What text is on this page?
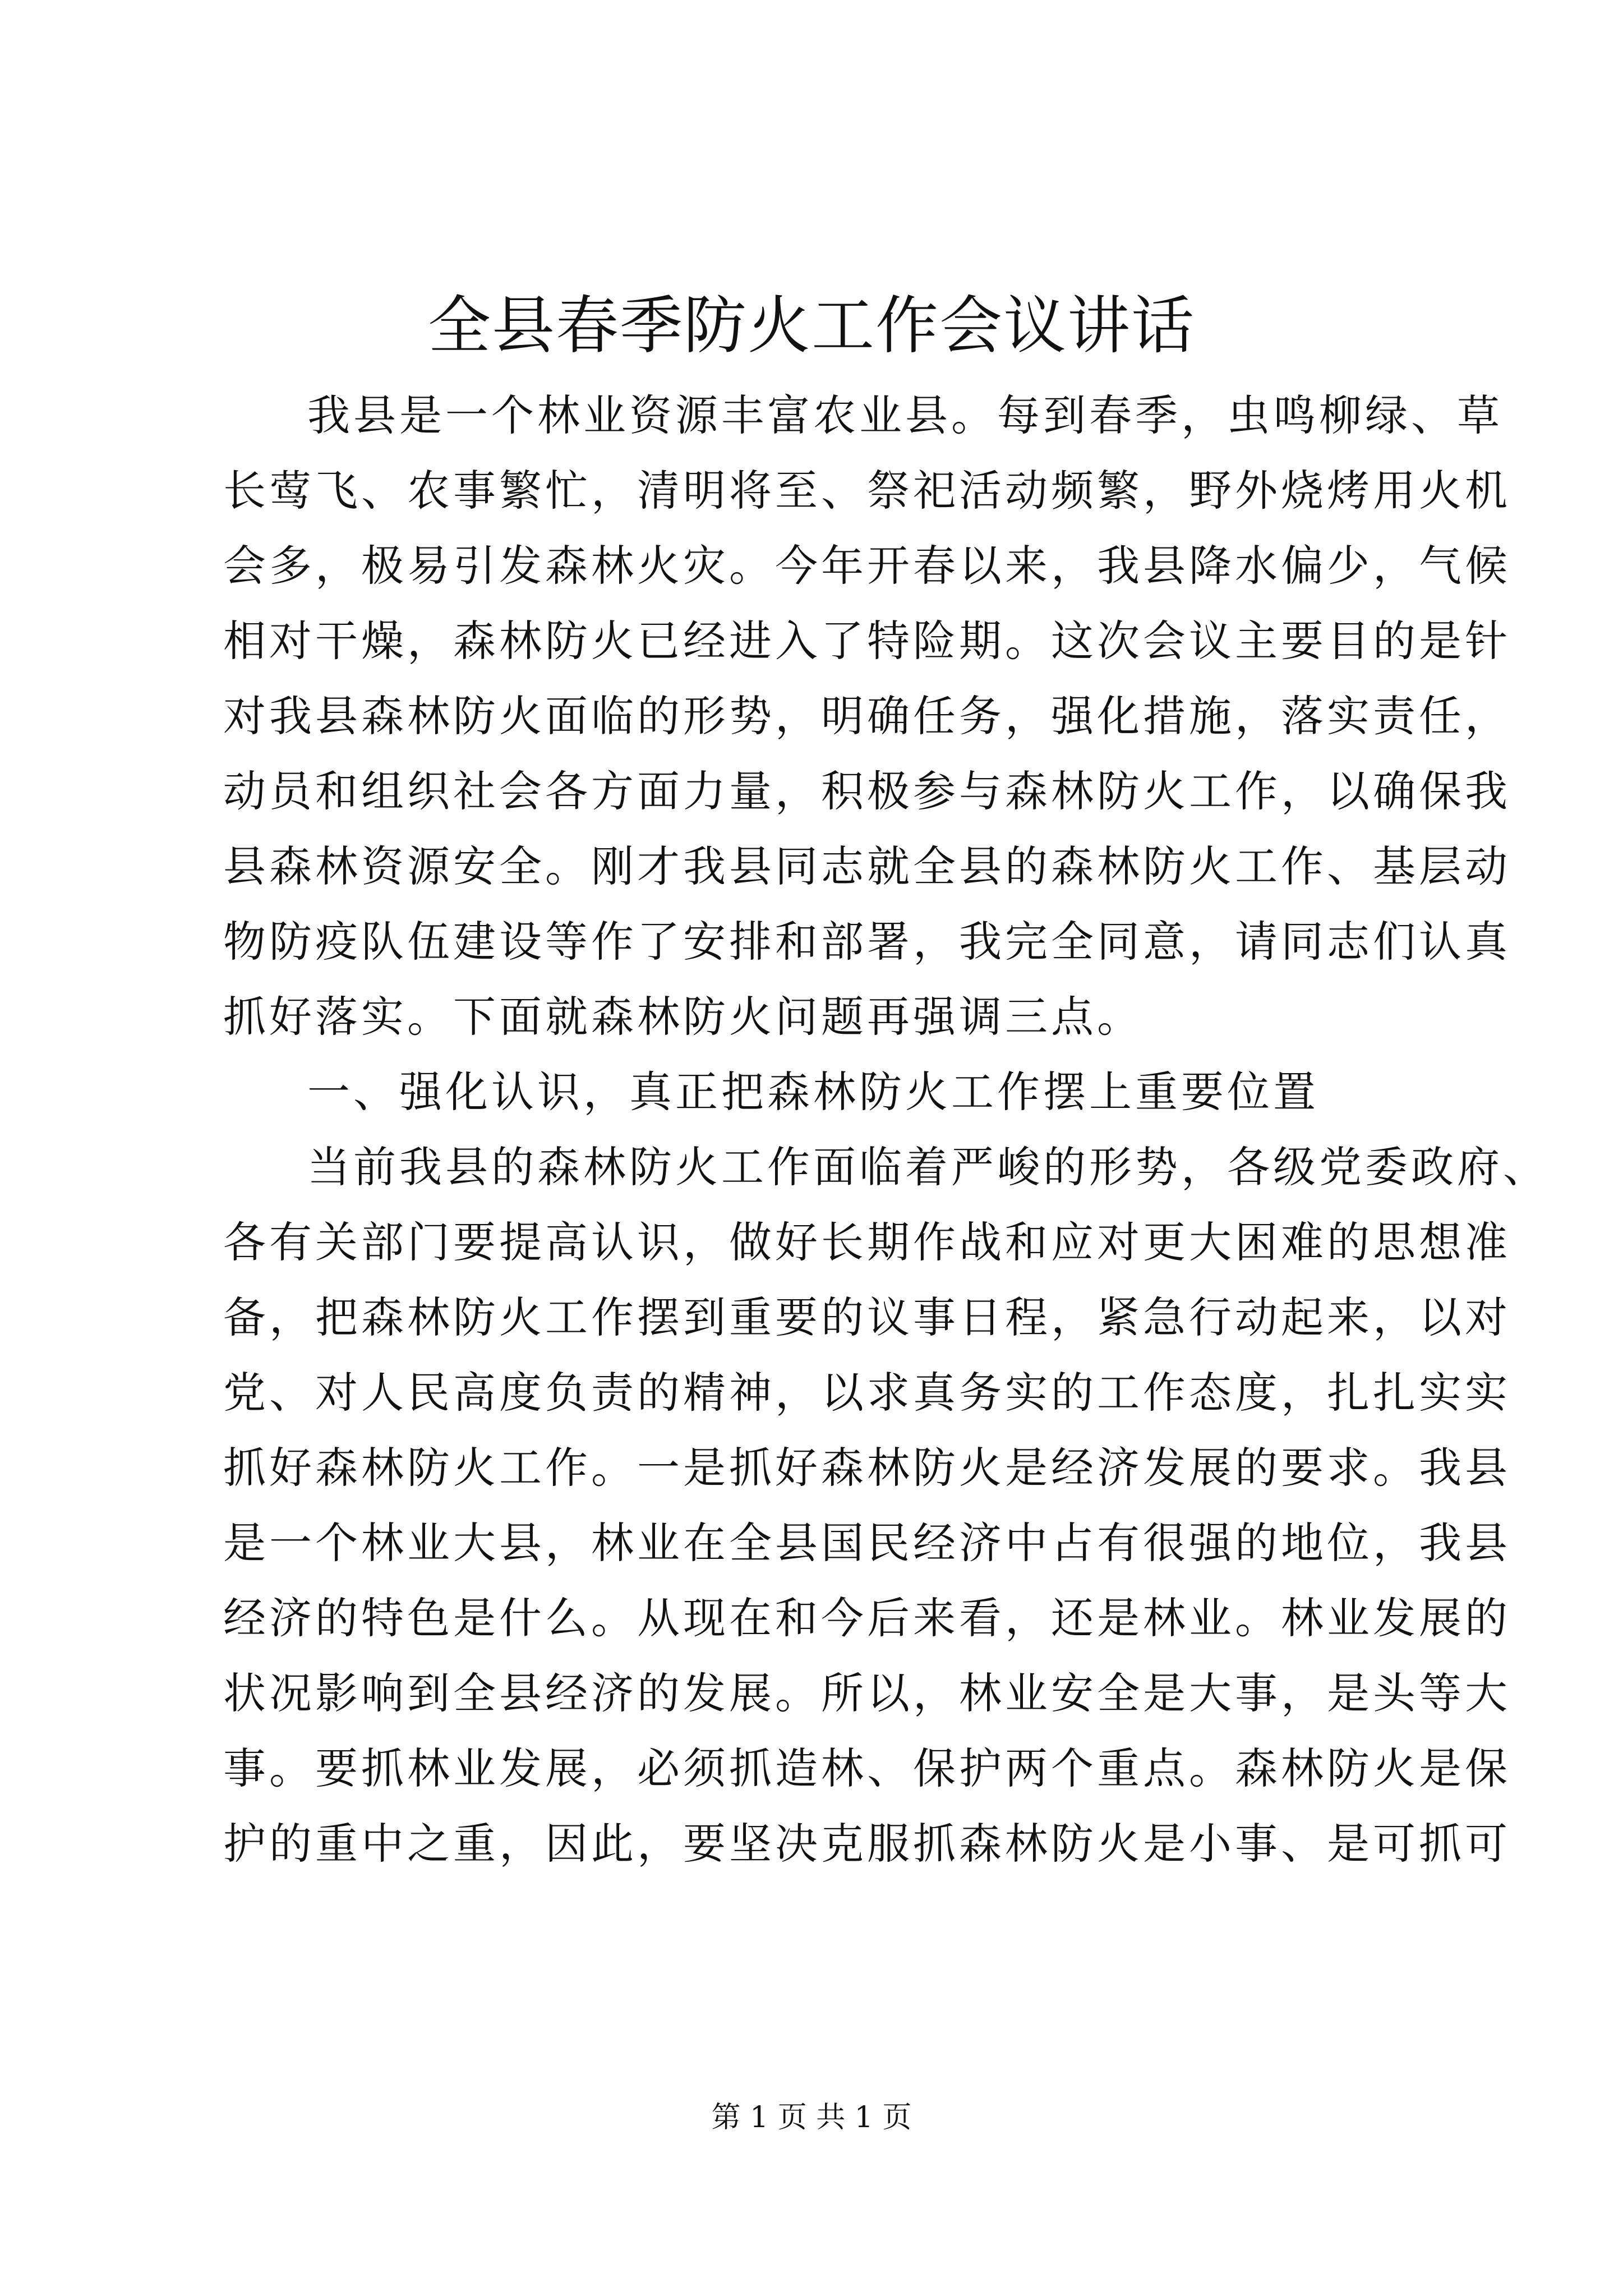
全县春季防火工作会议讲话
我县是一个林业资源丰富农业县。每到春季，虫鸣柳绿、草
长莺飞、农事繁忙，清明将至、祭祀活动频繁，野外烧烤用火机
会多，极易引发森林火灾。今年开春以来，我县降水偏少，气候
相对干燥，森林防火已经进入了特险期。这次会议主要目的是针
对我县森林防火面临的形势，明确任务，强化措施，落实责任，
动员和组织社会各方面力量，积极参与森林防火工作，以确保我
县森林资源安全。刚才我县同志就全县的森林防火工作、基层动
物防疫队伍建设等作了安排和部署，我完全同意，请同志们认真
抓好落实。下面就森林防火问题再强调三点。
一、强化认识，真正把森林防火工作摆上重要位置
当前我县的森林防火工作面临着严峻的形势，各级党委政府、
各有关部门要提高认识，做好长期作战和应对更大困难的思想准
备，把森林防火工作摆到重要的议事日程，紧急行动起来，以对
党、对人民高度负责的精神，以求真务实的工作态度，扎扎实实
抓好森林防火工作。一是抓好森林防火是经济发展的要求。我县
是一个林业大县，林业在全县国民经济中占有很强的地位，我县
经济的特色是什么。从现在和今后来看，还是林业。林业发展的
状况影响到全县经济的发展。所以，林业安全是大事，是头等大
事。要抓林业发展，必须抓造林、保护两个重点。森林防火是保
护的重中之重，因此，要坚决克服抓森林防火是小事、是可抓可
第 1 页 共 1 页
